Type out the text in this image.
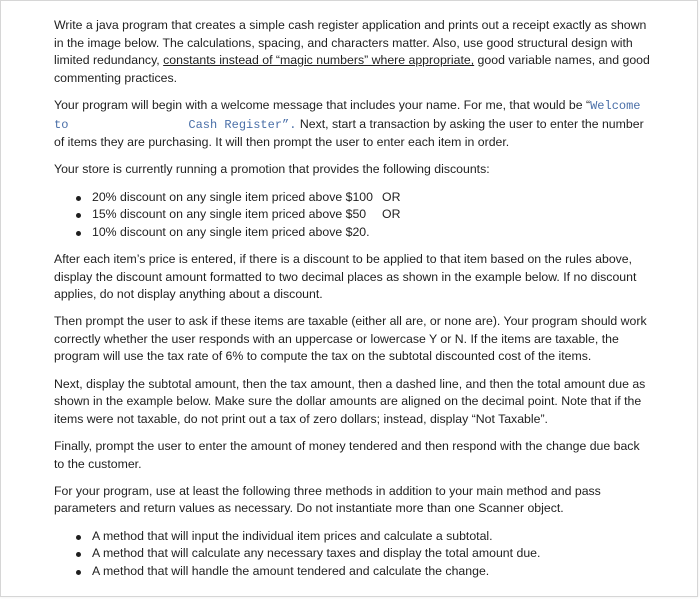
Write a java program that creates a simple cash register application and prints out a receipt exactly as shown in the image below. The calculations, spacing, and characters matter. Also, use good structural design with limited redundancy, constants instead of “magic numbers” where appropriate, good variable names, and good commenting practices.

Your program will begin with a welcome message that includes your name. For me, that would be “Welcome
to	Cash Register”. Next, start a transaction by asking the user to enter the number of items they are purchasing. It will then prompt the user to enter each item in order.

Your store is currently running a promotion that provides the following discounts:

20% discount on any single item priced above $100 OR
15% discount on any single item priced above $50	OR
10% discount on any single item priced above $20.

After each item’s price is entered, if there is a discount to be applied to that item based on the rules above, display the discount amount formatted to two decimal places as shown in the example below. If no discount applies, do not display anything about a discount.

Then prompt the user to ask if these items are taxable (either all are, or none are). Your program should work correctly whether the user responds with an uppercase or lowercase Y or N. If the items are taxable, the program will use the tax rate of 6% to compute the tax on the subtotal discounted cost of the items.

Next, display the subtotal amount, then the tax amount, then a dashed line, and then the total amount due as shown in the example below. Make sure the dollar amounts are aligned on the decimal point. Note that if the items were not taxable, do not print out a tax of zero dollars; instead, display “Not Taxable”.

Finally, prompt the user to enter the amount of money tendered and then respond with the change due back to the customer.

For your program, use at least the following three methods in addition to your main method and pass parameters and return values as necessary. Do not instantiate more than one Scanner object.

A method that will input the individual item prices and calculate a subtotal.
A method that will calculate any necessary taxes and display the total amount due.
A method that will handle the amount tendered and calculate the change.
